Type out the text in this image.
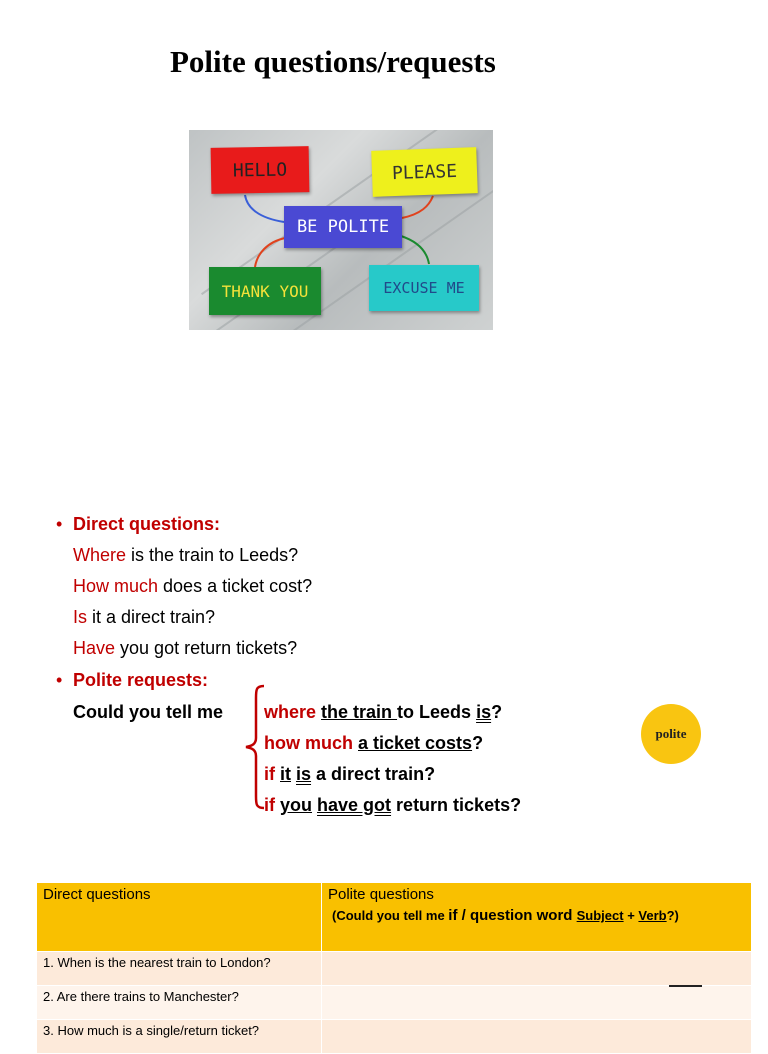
Polite questions/requests
HELLO	PLEASE
BE POLITE
THANK YOU	EXCUSE ME
• Direct questions:
Where is the train to Leeds?
How much does a ticket cost?
Is it a direct train?
Have you got return tickets?
• Polite requests:
Could you tell me where the train to Leeds is?
how much a ticket costs?
if it is a direct train?
if you have got return tickets?
polite
Direct questions	Polite questions
(Could you tell me if / question word Subject + Verb?)

1. When is the nearest train to London?	
2. Are there trains to Manchester?	
3. How much is a single/return ticket?	
